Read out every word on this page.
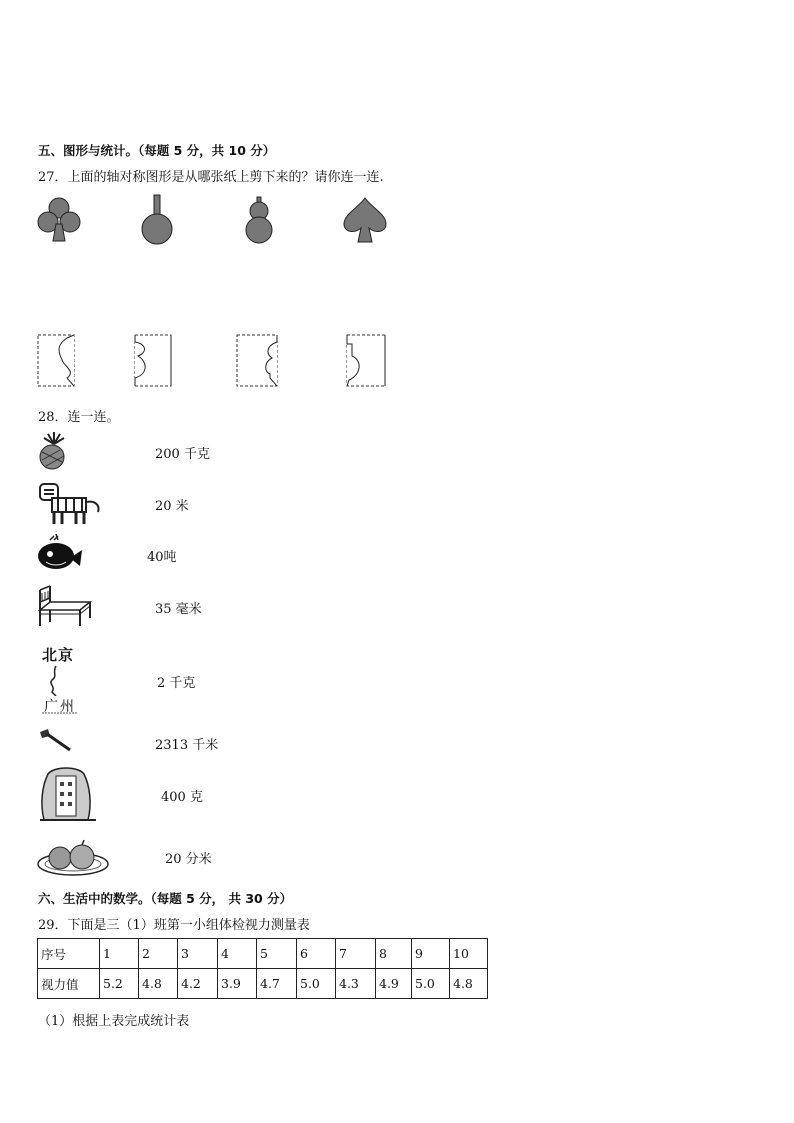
五、图形与统计。（每题 5 分，共 10 分）
27．上面的轴对称图形是从哪张纸上剪下来的？请你连一连.
28．连一连。
200 千克
20 米
40吨
35 毫米
北京
广州
2 千克
2313 千米
400 克
20 分米
六、生活中的数学。（每题 5 分， 共 30 分）
29．下面是三（1）班第一小组体检视力测量表
序号	1	2	3	4	5	6	7	8	9	10
视力值	5.2	4.8	4.2	3.9	4.7	5.0	4.3	4.9	5.0	4.8
（1）根据上表完成统计表
